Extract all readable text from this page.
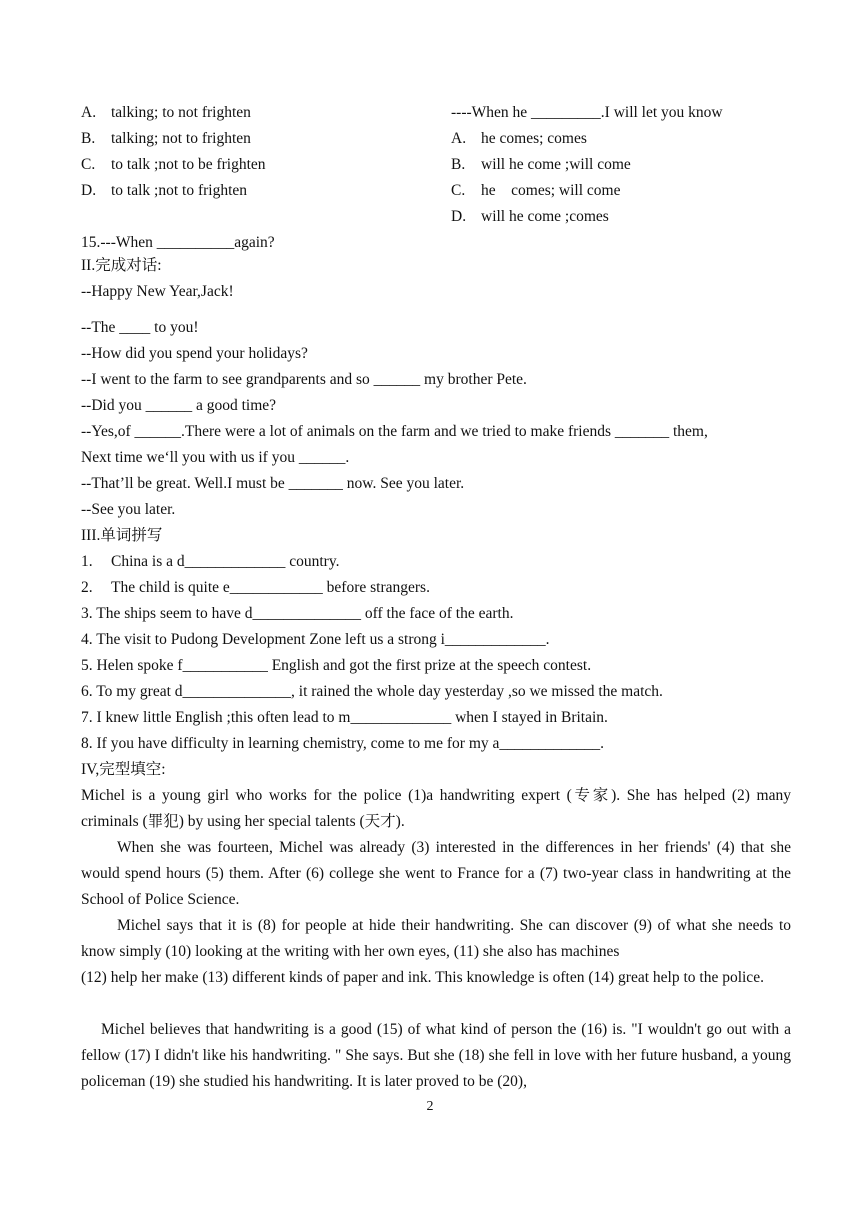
A. talking; to not frighten
B. talking; not to frighten
C. to talk ;not to be frighten
D. to talk ;not to frighten
----When he _________.I will let you know
A. he comes; comes
B. will he come ;will come
C. he    comes; will come
D. will he come ;comes
15.---When __________again?
II.完成对话:
--Happy New Year,Jack!
--The ____ to you!
--How did you spend your holidays?
--I went to the farm to see grandparents and so ______ my brother Pete.
--Did you ______ a good time?
--Yes,of ______.There were a lot of animals on the farm and we tried to make friends _______ them,
Next time we‘ll you with us if you ______.
--That’ll be great. Well.I must be _______ now. See you later.
--See you later.
III.单词拼写
1. China is a d_____________ country.
2. The child is quite e____________ before strangers.
3. The ships seem to have d______________ off the face of the earth.
4. The visit to Pudong Development Zone left us a strong i_____________.
5. Helen spoke f___________ English and got the first prize at the speech contest.
6. To my great d______________, it rained the whole day yesterday ,so we missed the match.
7. I knew little English ;this often lead to m_____________ when I stayed in Britain.
8. If you have difficulty in learning chemistry, come to me for my a_____________.
IV,完型填空:
Michel is a young girl who works for the police (1)a handwriting expert (专家). She has helped (2) many criminals (罪犯) by using her special talents (天才).
When she was fourteen, Michel was already (3) interested in the differences in her friends' (4) that she would spend hours (5) them. After (6) college she went to France for a (7) two-year class in handwriting at the School of Police Science.
Michel says that it is (8) for people at hide their handwriting. She can discover (9) of what she needs to know simply (10) looking at the writing with her own eyes, (11) she also has machines
(12) help her make (13) different kinds of paper and ink. This knowledge is often (14) great help to the police.
Michel believes that handwriting is a good (15) of what kind of person the (16) is. "I wouldn't go out with a fellow (17) I didn't like his handwriting. " She says. But she (18) she fell in love with her future husband, a young policeman (19) she studied his handwriting. It is later proved to be (20),
2
